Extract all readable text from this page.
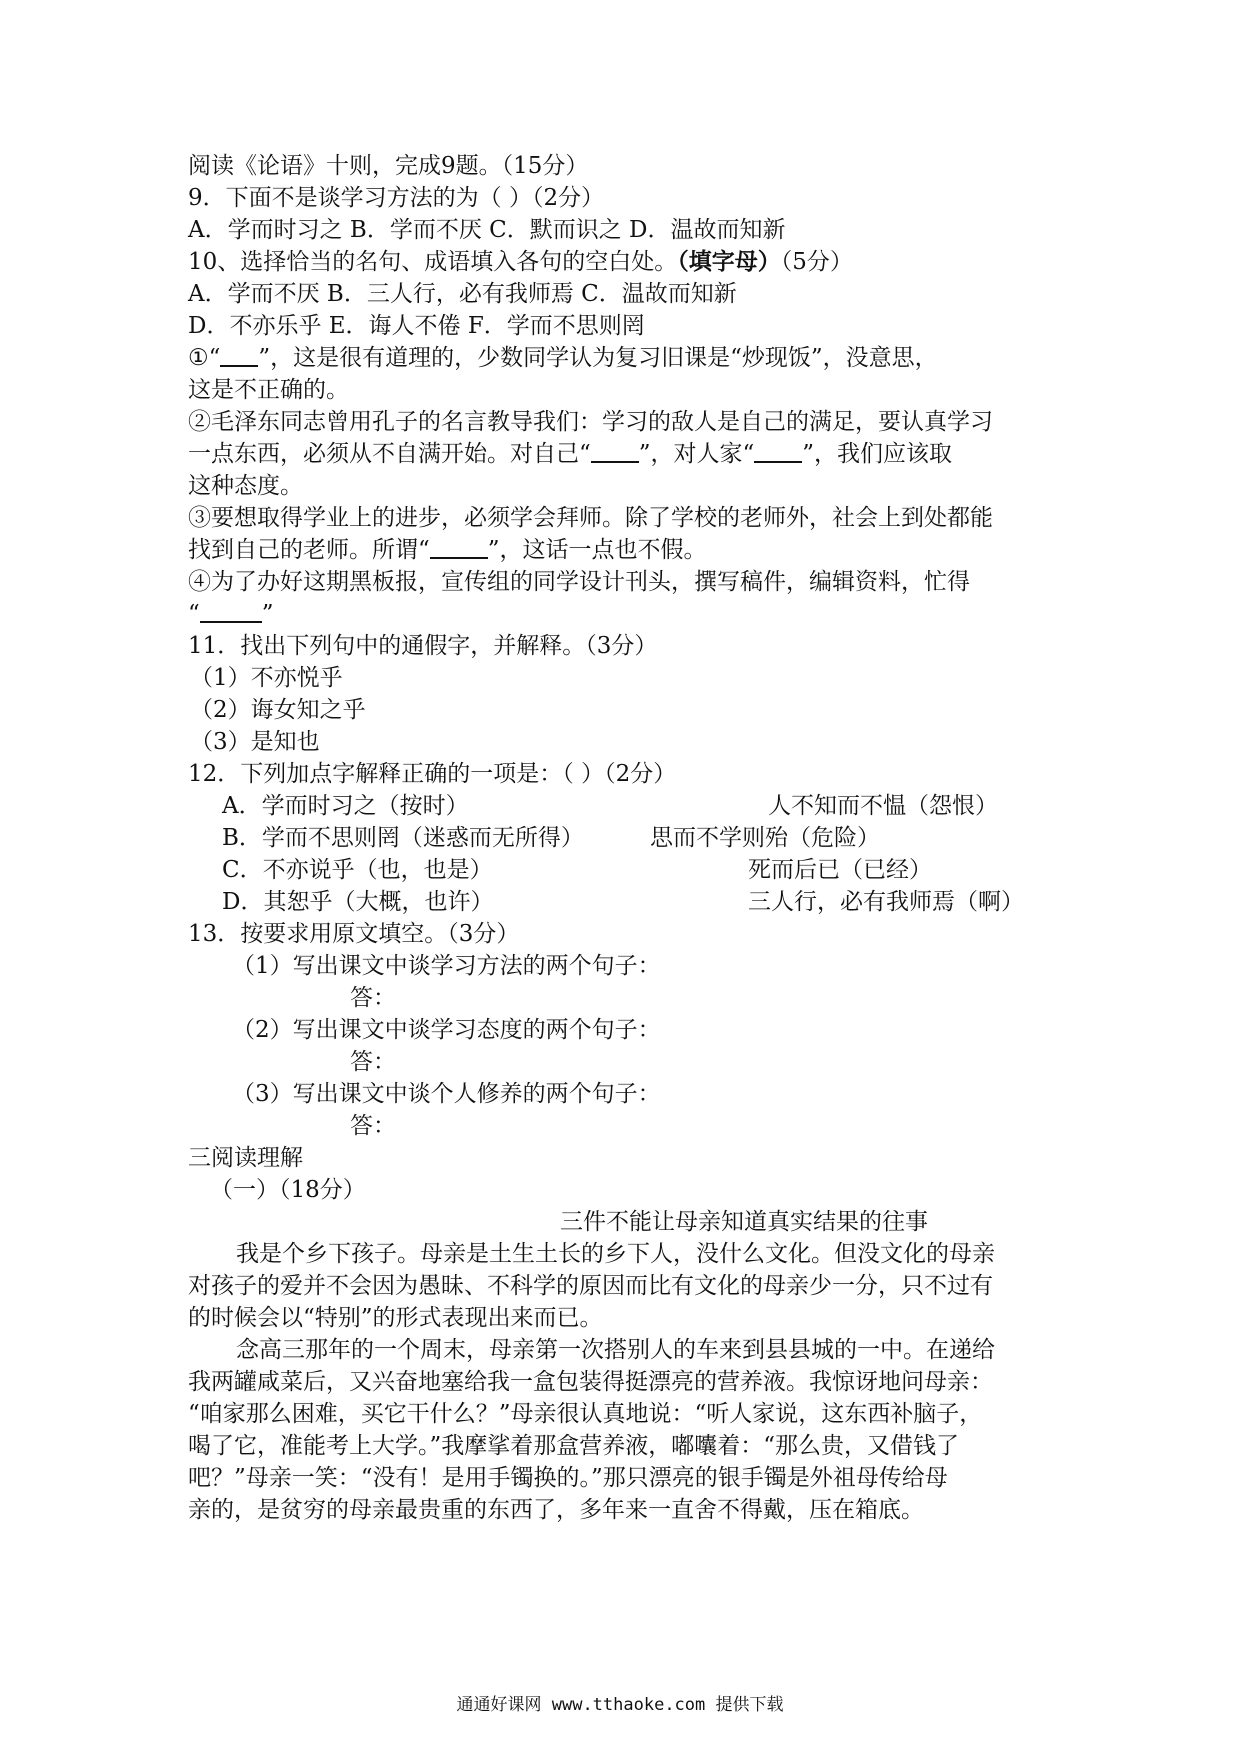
阅读《论语》十则，完成9题。（15分）
9．下面不是谈学习方法的为（ ）（2分）
A．学而时习之 B．学而不厌 C．默而识之 D．温故而知新
10、选择恰当的名句、成语填入各句的空白处。（填字母）（5分）
A．学而不厌 B．三人行，必有我师焉 C．温故而知新
D．不亦乐乎 E．诲人不倦 F．学而不思则罔
①“ ”，这是很有道理的，少数同学认为复习旧课是“炒现饭”，没意思，
这是不正确的。
②毛泽东同志曾用孔子的名言教导我们：学习的敌人是自己的满足，要认真学习
一点东西，必须从不自满开始。对自己“ ”，对人家“ ”，我们应该取
这种态度。
③要想取得学业上的进步，必须学会拜师。除了学校的老师外，社会上到处都能
找到自己的老师。所谓“	”，这话一点也不假。
④为了办好这期黑板报，宣传组的同学设计刊头，撰写稿件，编辑资料，忙得
“	”
11．找出下列句中的通假字，并解释。（3分）
（1）不亦悦乎
（2）诲女知之乎
（3）是知也
12．下列加点字解释正确的一项是：（ ）（2分）
A．学而时习之（按时）	人不知而不愠（怨恨）
B．学而不思则罔（迷惑而无所得）	思而不学则殆（危险）
C．不亦说乎（也，也是）	死而后已（已经）
D．其恕乎（大概，也许）	三人行，必有我师焉（啊）
13．按要求用原文填空。（3分）
（1）写出课文中谈学习方法的两个句子：
答：
（2）写出课文中谈学习态度的两个句子：
答：
（3）写出课文中谈个人修养的两个句子：
答：
三阅读理解
（一）（18分）
三件不能让母亲知道真实结果的往事
我是个乡下孩子。母亲是土生土长的乡下人，没什么文化。但没文化的母亲
对孩子的爱并不会因为愚昧、不科学的原因而比有文化的母亲少一分，只不过有
的时候会以“特别”的形式表现出来而已。
念高三那年的一个周末，母亲第一次搭别人的车来到县县城的一中。在递给
我两罐咸菜后，又兴奋地塞给我一盒包装得挺漂亮的营养液。我惊讶地问母亲：
“咱家那么困难，买它干什么？”母亲很认真地说：“听人家说，这东西补脑子，
喝了它，准能考上大学。”我摩挲着那盒营养液，嘟囔着：“那么贵，又借钱了
吧？”母亲一笑：“没有！是用手镯换的。”那只漂亮的银手镯是外祖母传给母
亲的，是贫穷的母亲最贵重的东西了，多年来一直舍不得戴，压在箱底。
通通好课网 www.tthaoke.com 提供下载
